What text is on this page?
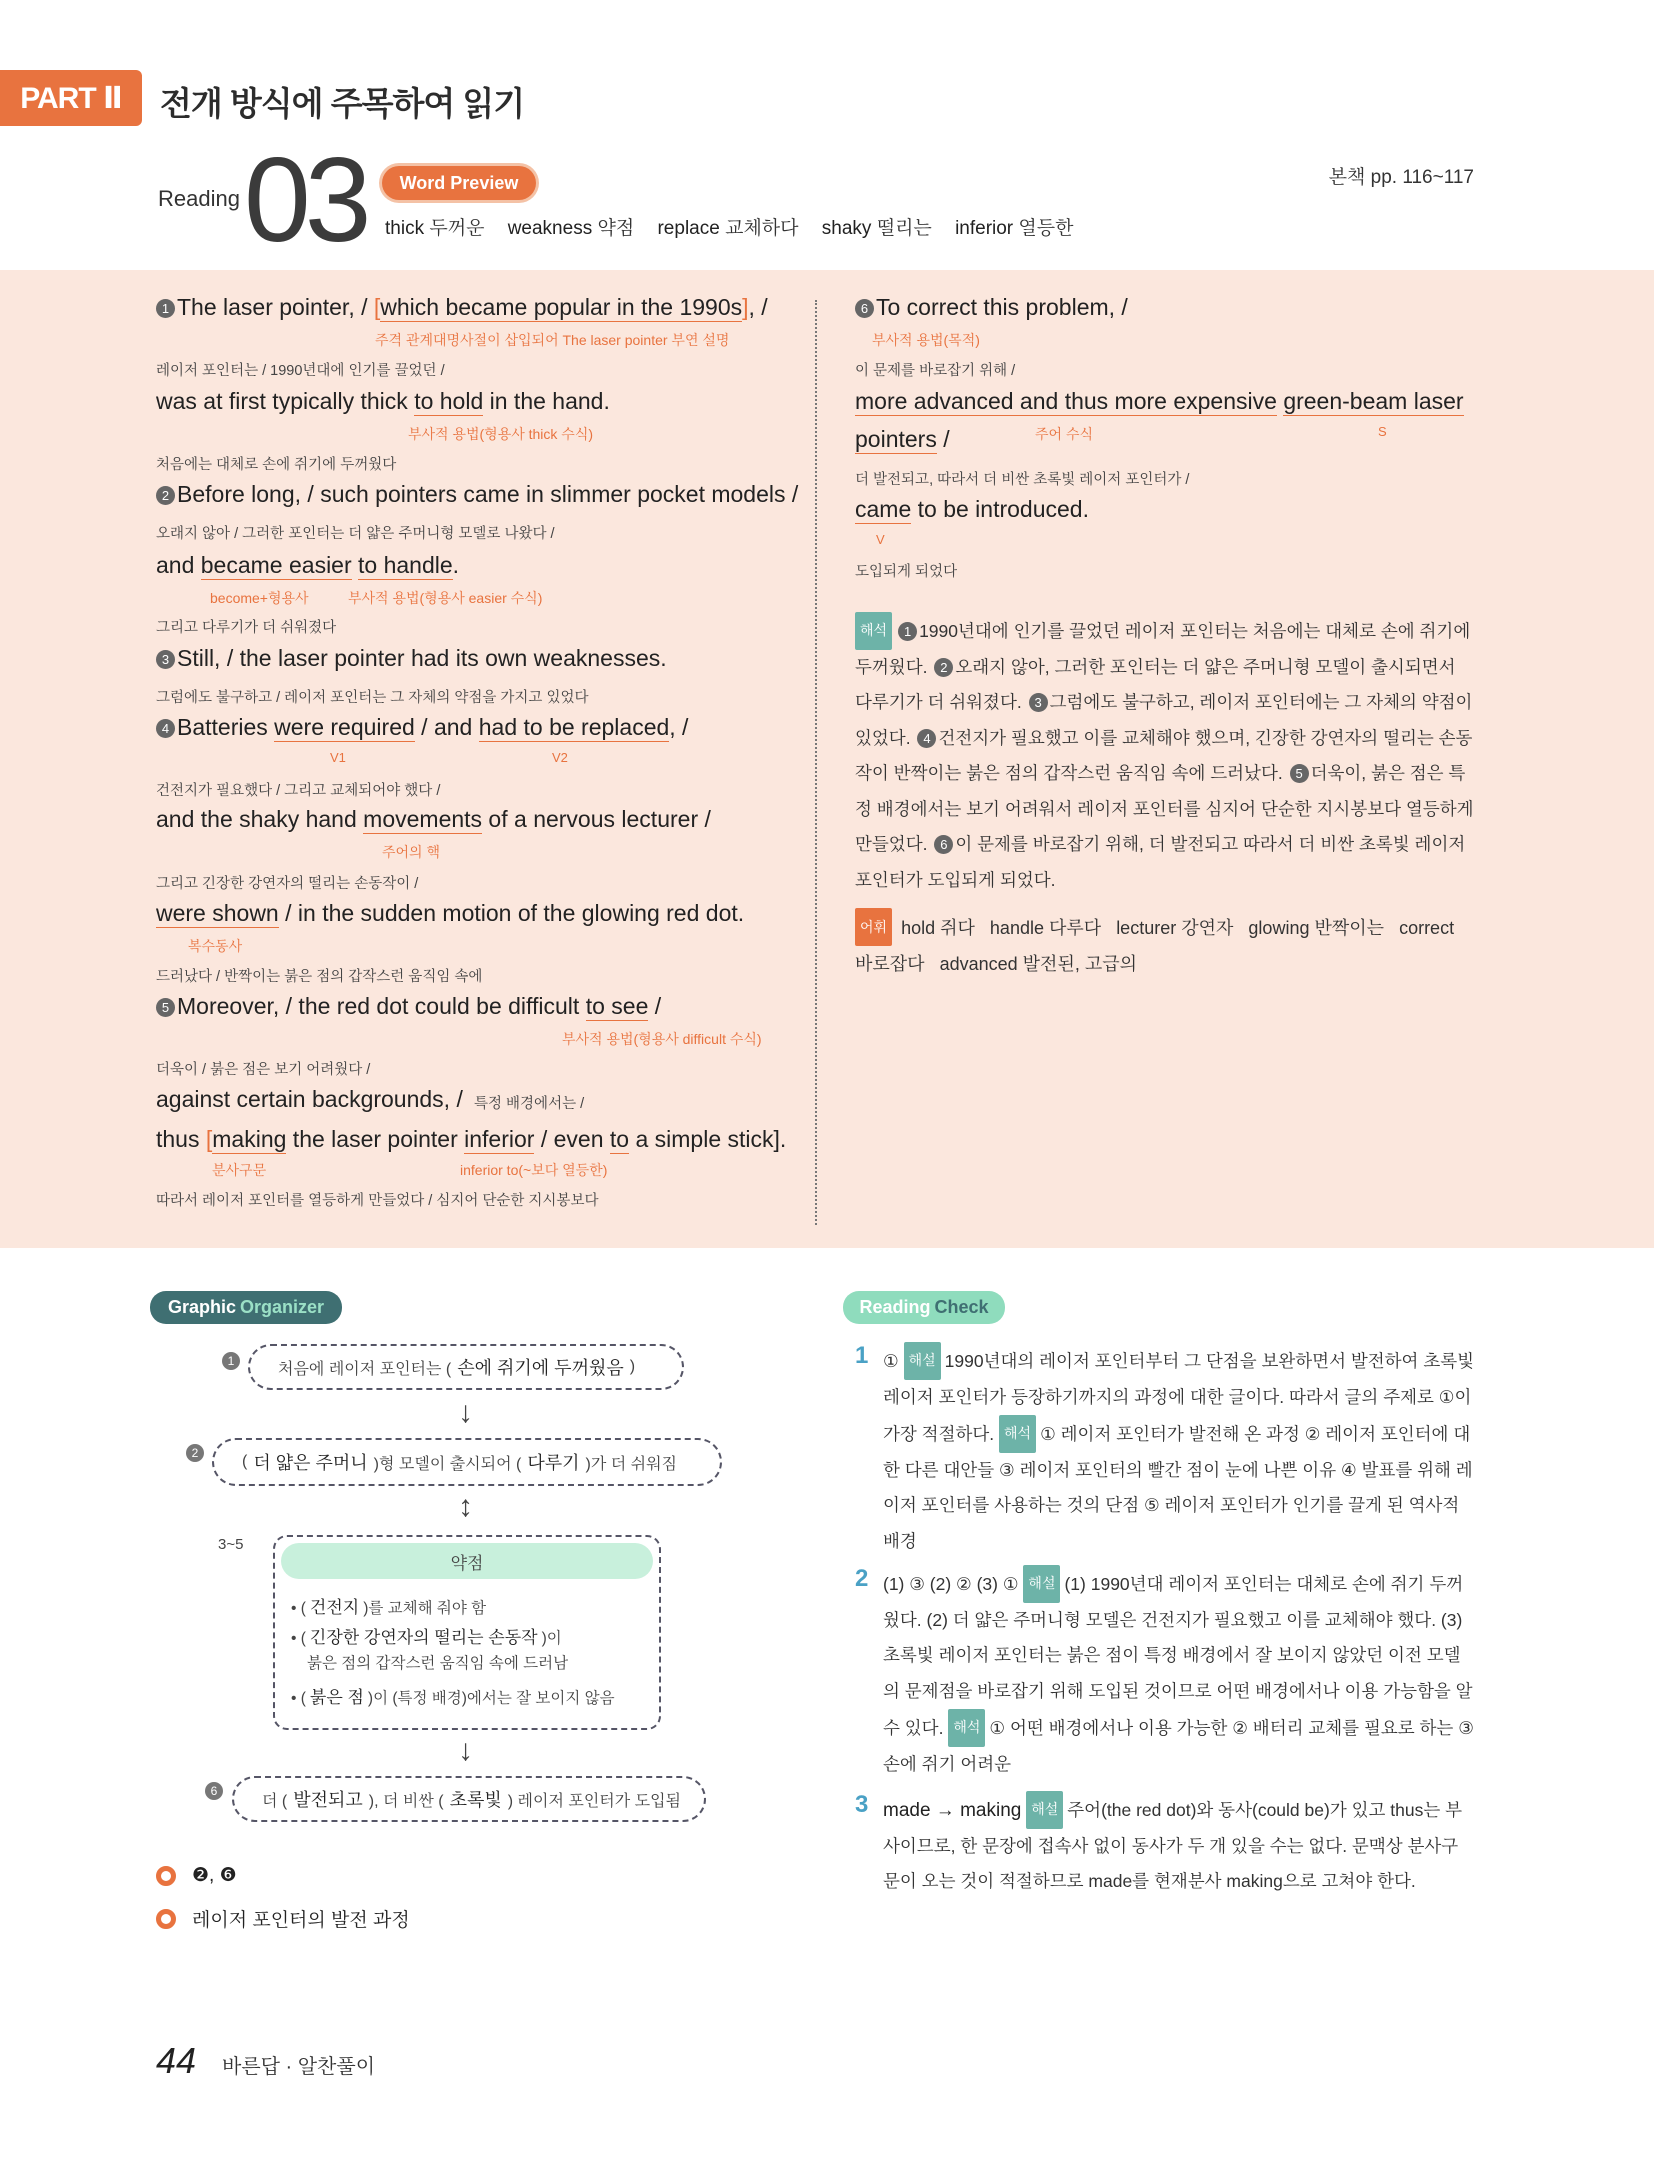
PART Ⅱ	전개 방식에 주목하여 읽기
Reading 03	Word Preview	본책 pp. 116~117
thick 두꺼운 weakness 약점 replace 교체하다 shaky 떨리는 inferior 열등한
1 The laser pointer, / [which became popular in the 1990s], /
주격 관계대명사절이 삽입되어 The laser pointer 부연 설명
레이저 포인터는 / 1990년대에 인기를 끌었던 /
was at first typically thick to hold in the hand.
부사적 용법(형용사 thick 수식)
처음에는 대체로 손에 쥐기에 두꺼웠다
2 Before long, / such pointers came in slimmer pocket models /
오래지 않아 / 그러한 포인터는 더 얇은 주머니형 모델로 나왔다 /
and became easier to handle.
become+형용사	부사적 용법(형용사 easier 수식)
그리고 다루기가 더 쉬워졌다
3 Still, / the laser pointer had its own weaknesses.
그럼에도 불구하고 / 레이저 포인터는 그 자체의 약점을 가지고 있었다
4 Batteries were required / and had to be replaced, /
V1	V2
건전지가 필요했다 / 그리고 교체되어야 했다 /
and the shaky hand movements of a nervous lecturer /
주어의 핵
그리고 긴장한 강연자의 떨리는 손동작이 /
were shown / in the sudden motion of the glowing red dot.
복수동사
드러났다 / 반짝이는 붉은 점의 갑작스런 움직임 속에
5 Moreover, / the red dot could be difficult to see /
부사적 용법(형용사 difficult 수식)
더욱이 / 붉은 점은 보기 어려웠다 /
against certain backgrounds, / 특정 배경에서는 /
thus [making the laser pointer inferior / even to a simple stick].
분사구문	inferior to(~보다 열등한)
따라서 레이저 포인터를 열등하게 만들었다 / 심지어 단순한 지시봉보다
6 To correct this problem, /
부사적 용법(목적)
이 문제를 바로잡기 위해 /
more advanced and thus more expensive green-beam laser
pointers /	주어 수식	S
더 발전되고, 따라서 더 비싼 초록빛 레이저 포인터가 /
came to be introduced.
V
도입되게 되었다
해석 1 1990년대에 인기를 끌었던 레이저 포인터는 처음에는 대체로 손에 쥐기에 두꺼웠다. 2 오래지 않아, 그러한 포인터는 더 얇은 주머니형 모델이 출시되면서 다루기가 더 쉬워졌다. 3 그럼에도 불구하고, 레이저 포인터에는 그 자체의 약점이 있었다. 4 건전지가 필요했고 이를 교체해야 했으며, 긴장한 강연자의 떨리는 손동작이 반짝이는 붉은 점의 갑작스런 움직임 속에 드러났다. 5 더욱이, 붉은 점은 특정 배경에서는 보기 어려워서 레이저 포인터를 심지어 단순한 지시봉보다 열등하게 만들었다. 6 이 문제를 바로잡기 위해, 더 발전되고 따라서 더 비싼 초록빛 레이저 포인터가 도입되게 되었다.
어휘 hold 쥐다 handle 다루다 lecturer 강연자 glowing 반짝이는 correct 바로잡다 advanced 발전된, 고급의
Graphic Organizer
1	처음에 레이저 포인터는 ( 손에 쥐기에 두꺼웠음 )
↓
2	( 더 얇은 주머니 )형 모델이 출시되어 ( 다루기 )가 더 쉬워짐
↕
3~5
약점
• ( 건전지 )를 교체해 줘야 함
• ( 긴장한 강연자의 떨리는 손동작 )이
붉은 점의 갑작스런 움직임 속에 드러남
• ( 붉은 점 )이 (특정 배경)에서는 잘 보이지 않음
↓
6
더 ( 발전되고 ), 더 비싼 ( 초록빛 ) 레이저 포인터가 도입됨
❷, ❻
레이저 포인터의 발전 과정
Reading Check
1 ① 해설 1990년대의 레이저 포인터부터 그 단점을 보완하면서 발전하여 초록빛 레이저 포인터가 등장하기까지의 과정에 대한 글이다. 따라서 글의 주제로 ①이 가장 적절하다. 해석 ① 레이저 포인터가 발전해 온 과정 ② 레이저 포인터에 대한 다른 대안들 ③ 레이저 포인터의 빨간 점이 눈에 나쁜 이유 ④ 발표를 위해 레이저 포인터를 사용하는 것의 단점 ⑤ 레이저 포인터가 인기를 끌게 된 역사적 배경
2 (1) ③ (2) ② (3) ① 해설 (1) 1990년대 레이저 포인터는 대체로 손에 쥐기 두꺼웠다. (2) 더 얇은 주머니형 모델은 건전지가 필요했고 이를 교체해야 했다. (3) 초록빛 레이저 포인터는 붉은 점이 특정 배경에서 잘 보이지 않았던 이전 모델의 문제점을 바로잡기 위해 도입된 것이므로 어떤 배경에서나 이용 가능함을 알 수 있다. 해석 ① 어떤 배경에서나 이용 가능한 ② 배터리 교체를 필요로 하는 ③ 손에 쥐기 어려운
3 made → making 해설 주어(the red dot)와 동사(could be)가 있고 thus는 부사이므로, 한 문장에 접속사 없이 동사가 두 개 있을 수는 없다. 문맥상 분사구문이 오는 것이 적절하므로 made를 현재분사 making으로 고쳐야 한다.
44 바른답 · 알찬풀이
